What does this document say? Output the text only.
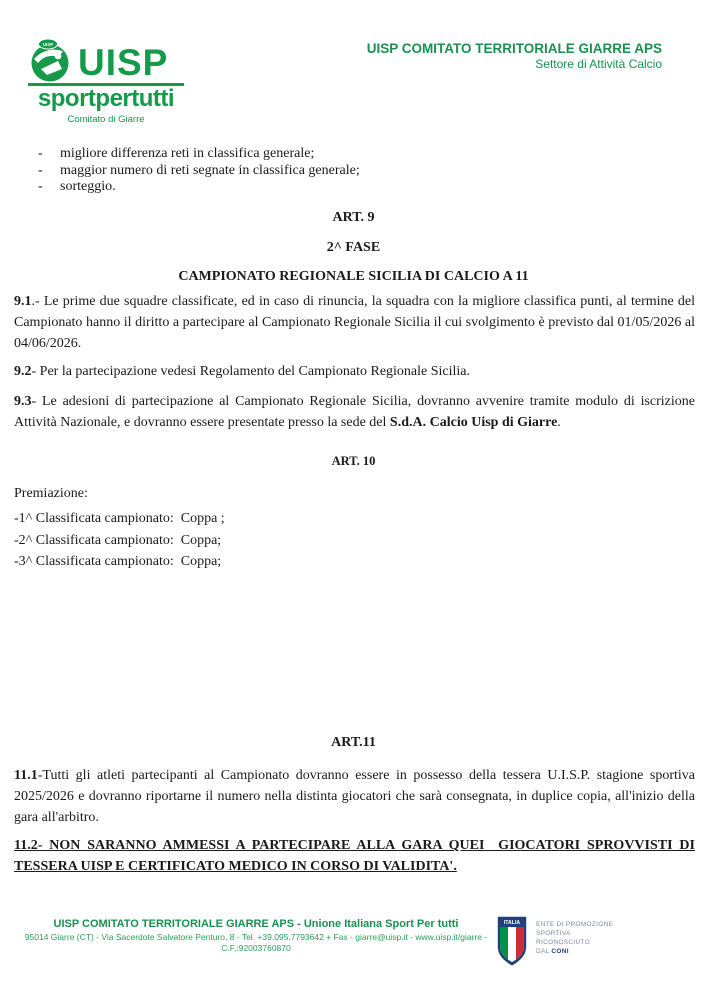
UISP UISP
sportpertutti
Comitato di Giarre
UISP COMITATO TERRITORIALE GIARRE APS
Settore di Attività Calcio
-	migliore differenza reti in classifica generale;
-	maggior numero di reti segnate in classifica generale;
-	sorteggio.
ART. 9
2^ FASE
CAMPIONATO REGIONALE SICILIA DI CALCIO A 11

9.1.- Le prime due squadre classificate, ed in caso di rinuncia, la squadra con la migliore classifica punti, al termine del Campionato hanno il diritto a partecipare al Campionato Regionale Sicilia il cui svolgimento è previsto dal 01/05/2026 al 04/06/2026.

9.2- Per la partecipazione vedesi Regolamento del Campionato Regionale Sicilia.

9.3- Le adesioni di partecipazione al Campionato Regionale Sicilia, dovranno avvenire tramite modulo di iscrizione Attività Nazionale, e dovranno essere presentate presso la sede del S.d.A. Calcio Uisp di Giarre.

ART. 10
Premiazione:
-1^ Classificata campionato:  Coppa ;
-2^ Classificata campionato:  Coppa;
-3^ Classificata campionato:  Coppa;
ART.11

11.1-Tutti gli atleti partecipanti al Campionato dovranno essere in possesso della tessera U.I.S.P. stagione sportiva 2025/2026 e dovranno riportarne il numero nella distinta giocatori che sarà consegnata, in duplice copia, all'inizio della gara all'arbitro.

11.2- NON SARANNO AMMESSI A PARTECIPARE ALLA GARA QUEI  GIOCATORI SPROVVISTI DI TESSERA UISP E CERTIFICATO MEDICO IN CORSO DI VALIDITA'.

UISP COMITATO TERRITORIALE GIARRE APS - Unione Italiana Sport Per tutti
95014 Giarre (CT) - Via Sacerdote Salvatore Penturo, 8 - Tel. +39.095.7793642 + Fax - giarre@uisp.it - www.uisp.it/giarre -
C.F.:92003760870
ITALIA ENTE DI PROMOZIONE
SPORTIVA
RICONOSCIUTO
DAL CONI
